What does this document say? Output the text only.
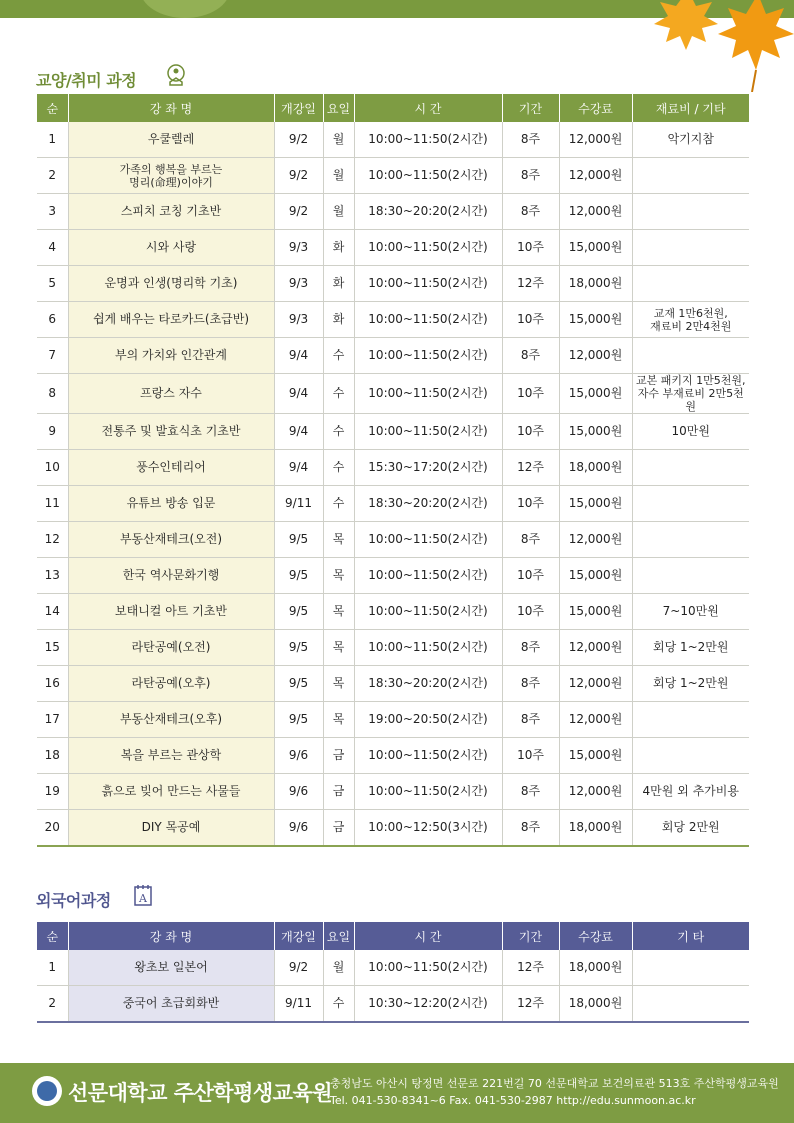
교양/취미 과정
순	강 좌 명	개강일	요일	시 간	기간	수강료	재료비 / 기타
1	우쿨렐레	9/2	월	10:00~11:50(2시간)	8주	12,000원	악기지참
2	가족의 행복을 부르는
명리(命理)이야기	9/2	월	10:00~11:50(2시간)	8주	12,000원	
3	스피치 코칭 기초반	9/2	월	18:30~20:20(2시간)	8주	12,000원	
4	시와 사랑	9/3	화	10:00~11:50(2시간)	10주	15,000원	
5	운명과 인생(명리학 기초)	9/3	화	10:00~11:50(2시간)	12주	18,000원	
6	쉽게 배우는 타로카드(초급반)	9/3	화	10:00~11:50(2시간)	10주	15,000원	교재 1만6천원,
재료비 2만4천원
7	부의 가치와 인간관계	9/4	수	10:00~11:50(2시간)	8주	12,000원	
8	프랑스 자수	9/4	수	10:00~11:50(2시간)	10주	15,000원	교본 패키지 1만5천원,
자수 부재료비 2만5천원
9	전통주 및 발효식초 기초반	9/4	수	10:00~11:50(2시간)	10주	15,000원	10만원
10	풍수인테리어	9/4	수	15:30~17:20(2시간)	12주	18,000원	
11	유튜브 방송 입문	9/11	수	18:30~20:20(2시간)	10주	15,000원	
12	부동산재테크(오전)	9/5	목	10:00~11:50(2시간)	8주	12,000원	
13	한국 역사문화기행	9/5	목	10:00~11:50(2시간)	10주	15,000원	
14	보태니컬 아트 기초반	9/5	목	10:00~11:50(2시간)	10주	15,000원	7~10만원
15	라탄공예(오전)	9/5	목	10:00~11:50(2시간)	8주	12,000원	회당 1~2만원
16	라탄공예(오후)	9/5	목	18:30~20:20(2시간)	8주	12,000원	회당 1~2만원
17	부동산재테크(오후)	9/5	목	19:00~20:50(2시간)	8주	12,000원	
18	복을 부르는 관상학	9/6	금	10:00~11:50(2시간)	10주	15,000원	
19	흙으로 빚어 만드는 사물들	9/6	금	10:00~11:50(2시간)	8주	12,000원	4만원 외 추가비용
20	DIY 목공예	9/6	금	10:00~12:50(3시간)	8주	18,000원	회당 2만원
외국어과정	A
순	강 좌 명	개강일	요일	시 간	기간	수강료	기 타
1	왕초보 일본어	9/2	월	10:00~11:50(2시간)	12주	18,000원	
2	중국어 초급회화반	9/11	수	10:30~12:20(2시간)	12주	18,000원	
선문대학교 주산학평생교육원
충청남도 아산시 탕정면 선문로 221번길 70 선문대학교 보건의료관 513호 주산학평생교육원
Tel. 041-530-8341~6 Fax. 041-530-2987 http://edu.sunmoon.ac.kr
